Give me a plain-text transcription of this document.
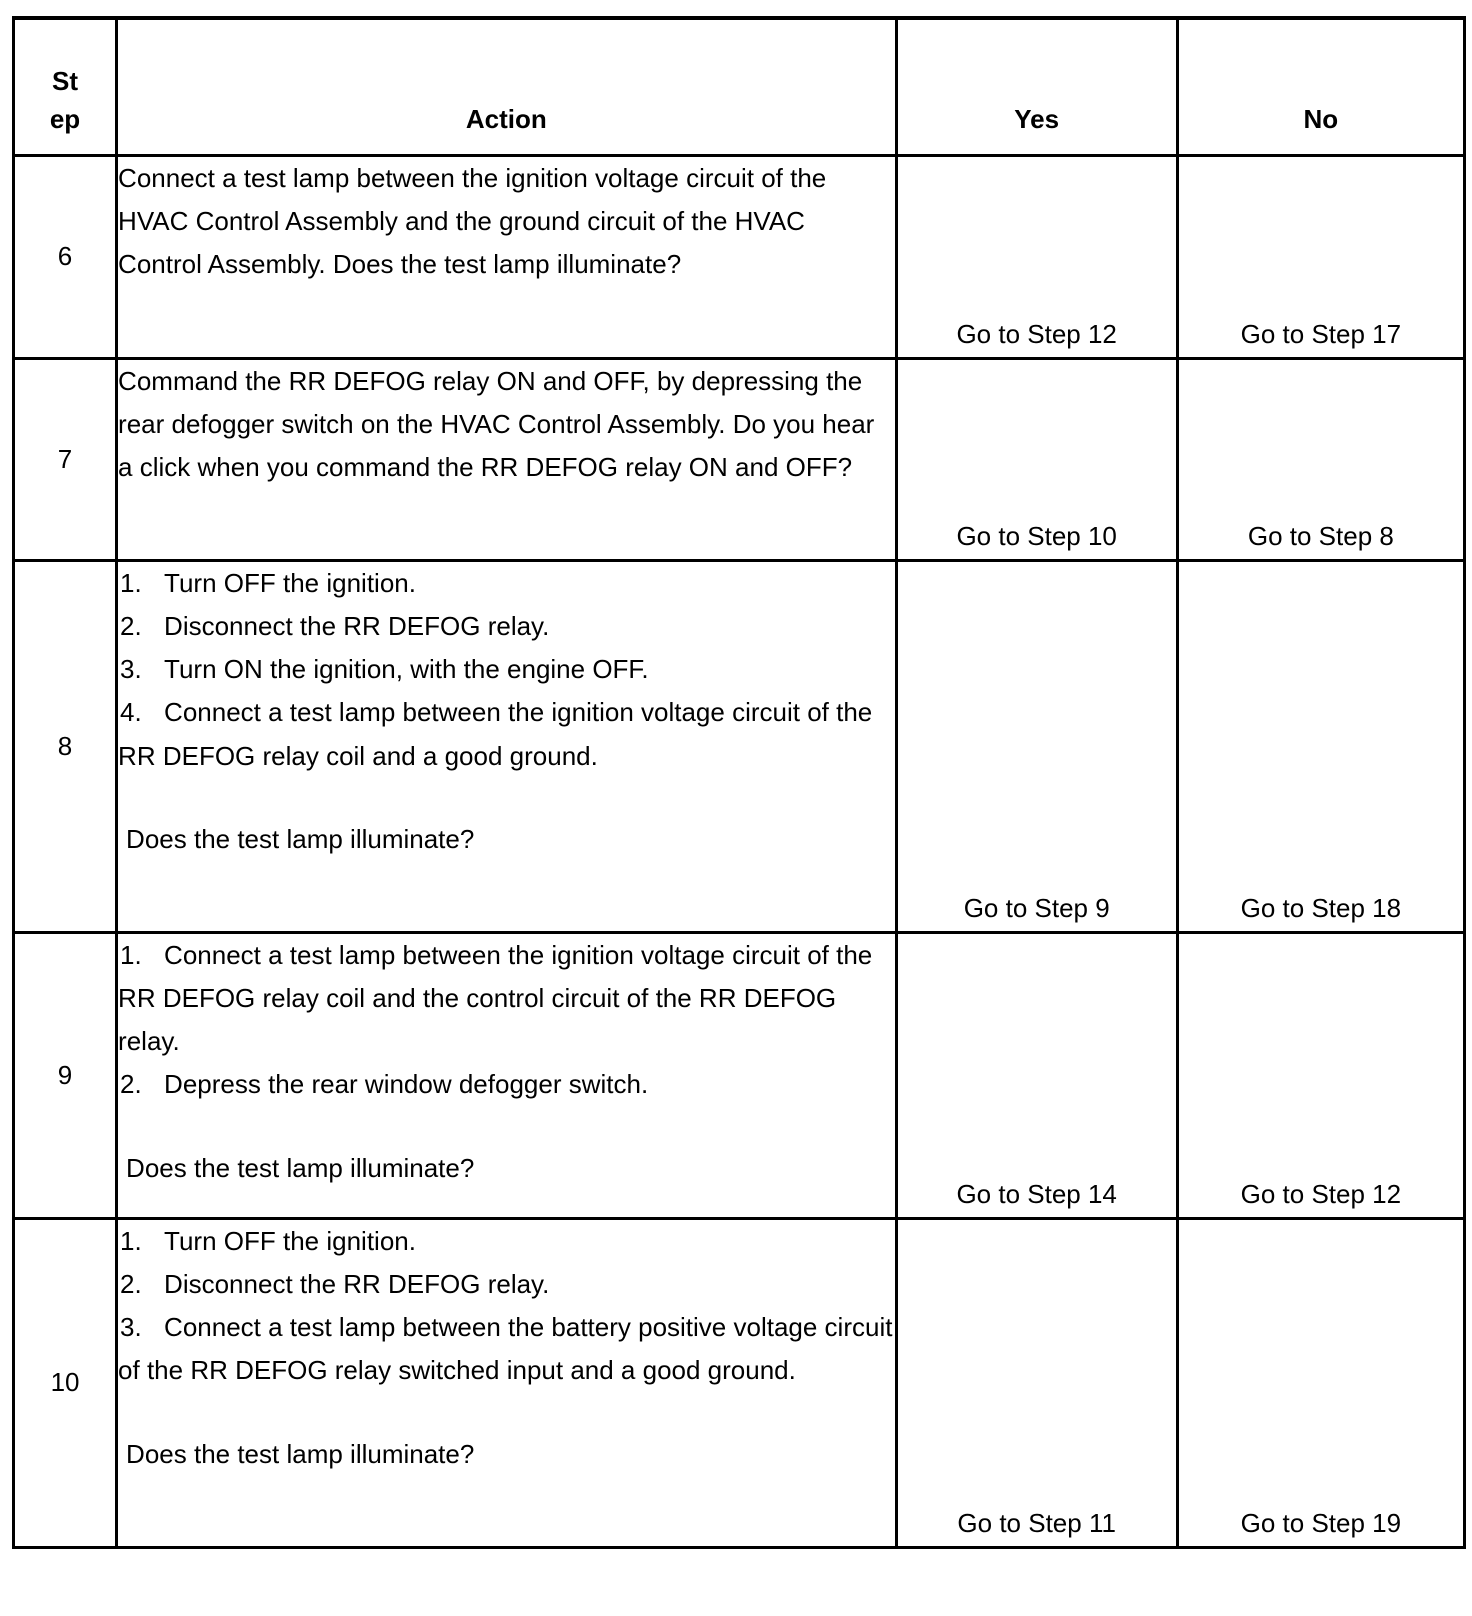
St
ep	Action	Yes	No
6	Connect a test lamp between the ignition voltage circuit of the HVAC Control Assembly and the ground circuit of the HVAC Control Assembly. Does the test lamp illuminate?	Go to Step 12	Go to Step 17
7	Command the RR DEFOG relay ON and OFF, by depressing the rear defogger switch on the HVAC Control Assembly. Do you hear a click when you command the RR DEFOG relay ON and OFF?	Go to Step 10	Go to Step 8
8	1. Turn OFF the ignition.
2. Disconnect the RR DEFOG relay.
3. Turn ON the ignition, with the engine OFF.
4. Connect a test lamp between the ignition voltage circuit of the RR DEFOG relay coil and a good ground.
Does the test lamp illuminate?	Go to Step 9	Go to Step 18
9	1. Connect a test lamp between the ignition voltage circuit of the RR DEFOG relay coil and the control circuit of the RR DEFOG relay.
2. Depress the rear window defogger switch.
Does the test lamp illuminate?	Go to Step 14	Go to Step 12
10	1. Turn OFF the ignition.
2. Disconnect the RR DEFOG relay.
3. Connect a test lamp between the battery positive voltage circuit of the RR DEFOG relay switched input and a good ground.
Does the test lamp illuminate?	Go to Step 11	Go to Step 19
